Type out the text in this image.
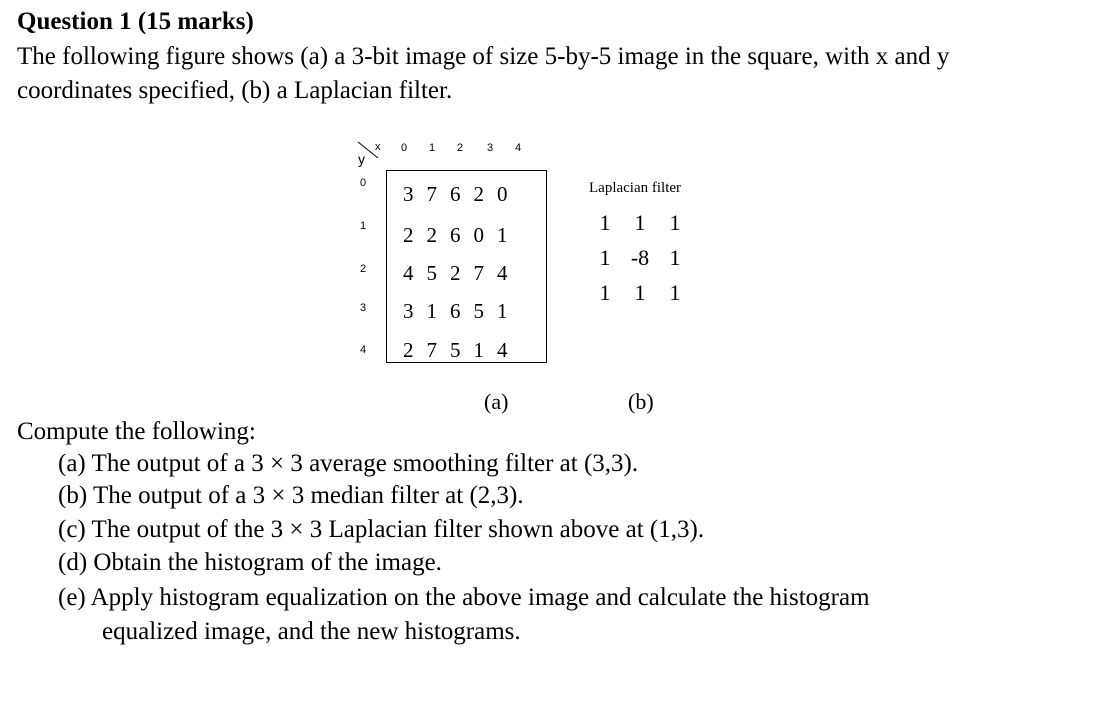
Question 1 (15 marks)
The following figure shows (a) a 3-bit image of size 5-by-5 image in the square, with x and y
coordinates specified, (b) a Laplacian filter.
x
y
0 1 2 3 4
0
1
2
3
4
3 7 6 2 0
2 2 6 0 1
4 5 2 7 4
3 1 6 5 1
2 7 5 1 4
(a)
Laplacian filter
1 1 1
1 -8 1
1 1 1
(b)
Compute the following:
(a) The output of a 3 × 3 average smoothing filter at (3,3).
(b) The output of a 3 × 3 median filter at (2,3).
(c) The output of the 3 × 3 Laplacian filter shown above at (1,3).
(d) Obtain the histogram of the image.
(e) Apply histogram equalization on the above image and calculate the histogram
equalized image, and the new histograms.
